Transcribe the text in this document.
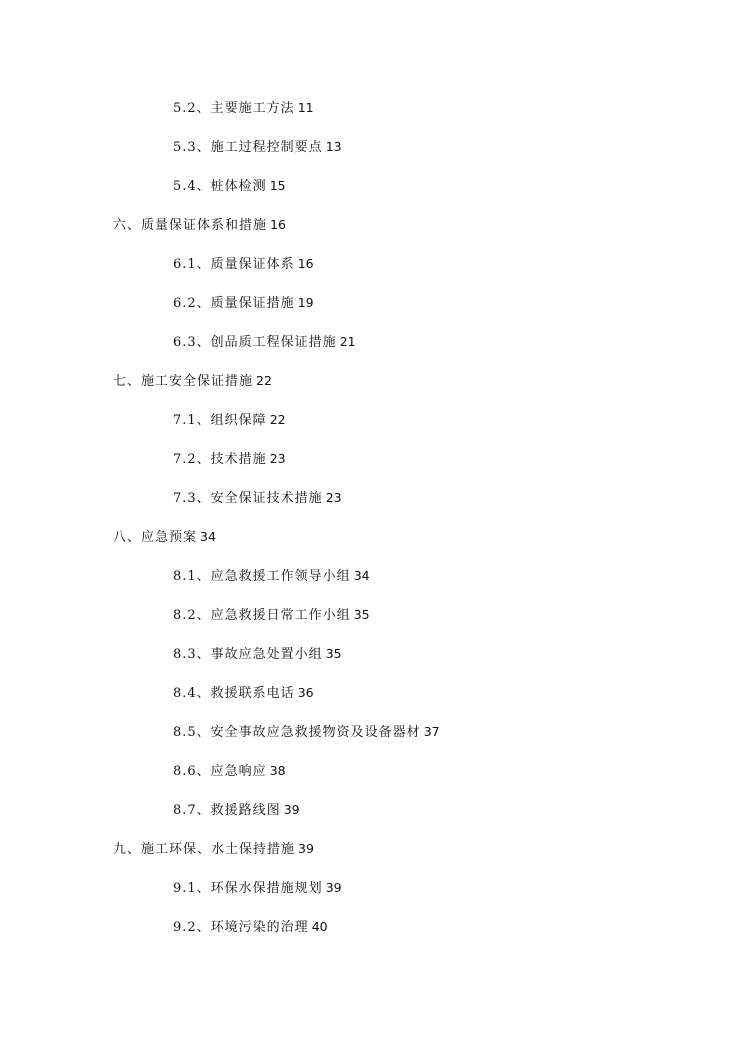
5.2、主要施工方法 11
5.3、施工过程控制要点 13
5.4、桩体检测 15
六、质量保证体系和措施 16
6.1、质量保证体系 16
6.2、质量保证措施 19
6.3、创品质工程保证措施 21
七、施工安全保证措施 22
7.1、组织保障 22
7.2、技术措施 23
7.3、安全保证技术措施 23
八、应急预案 34
8.1、应急救援工作领导小组 34
8.2、应急救援日常工作小组 35
8.3、事故应急处置小组 35
8.4、救援联系电话 36
8.5、安全事故应急救援物资及设备器材 37
8.6、应急响应 38
8.7、救援路线图 39
九、施工环保、水土保持措施 39
9.1、环保水保措施规划 39
9.2、环境污染的治理 40
